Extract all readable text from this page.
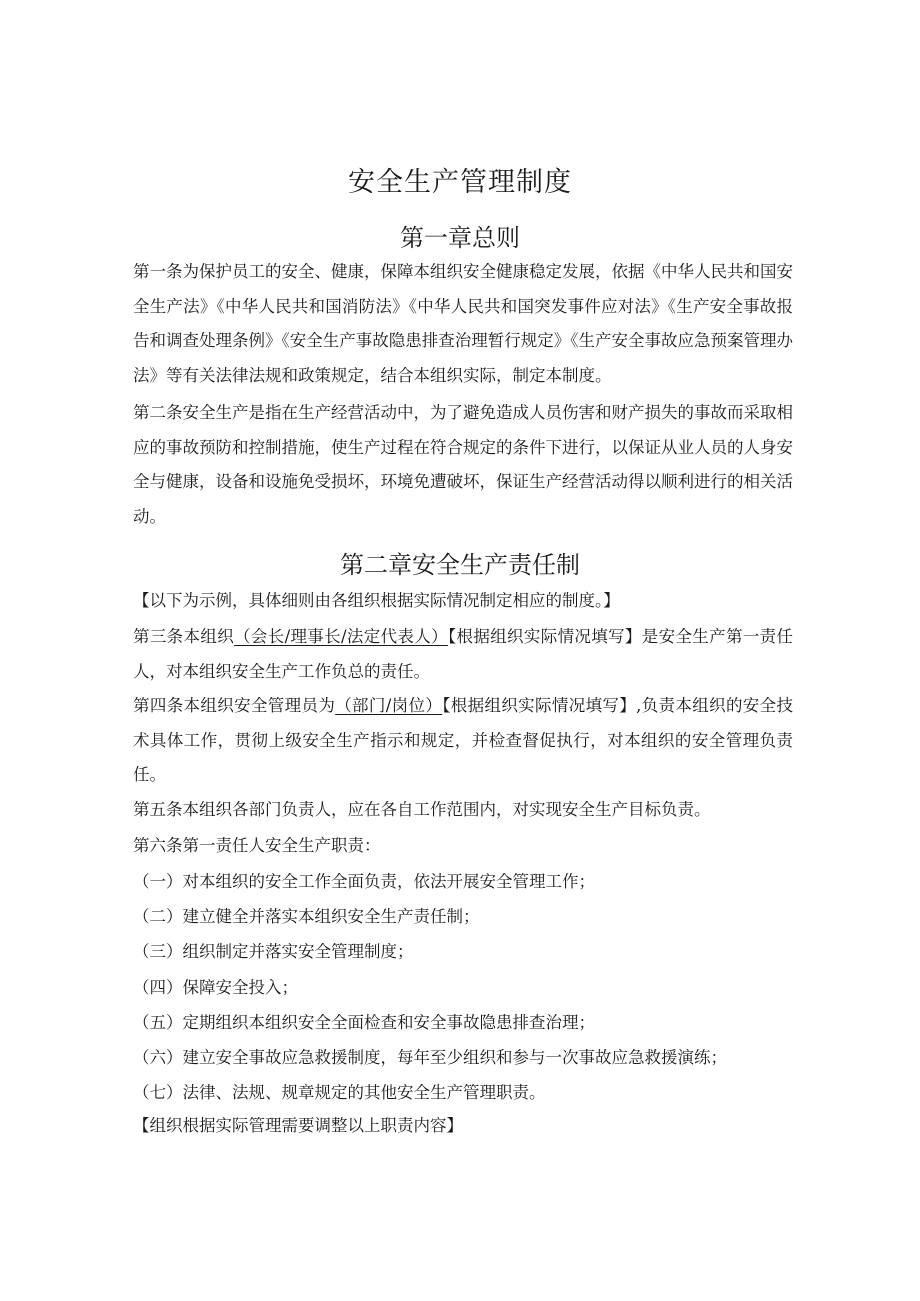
安全生产管理制度
第一章总则

第一条为保护员工的安全、健康，保障本组织安全健康稳定发展，依据《中华人民共和国安全生产法》《中华人民共和国消防法》《中华人民共和国突发事件应对法》《生产安全事故报告和调查处理条例》《安全生产事故隐患排查治理暂行规定》《生产安全事故应急预案管理办法》等有关法律法规和政策规定，结合本组织实际，制定本制度。

第二条安全生产是指在生产经营活动中，为了避免造成人员伤害和财产损失的事故而采取相应的事故预防和控制措施，使生产过程在符合规定的条件下进行，以保证从业人员的人身安全与健康，设备和设施免受损坏，环境免遭破坏，保证生产经营活动得以顺利进行的相关活动。

第二章安全生产责任制

【以下为示例，具体细则由各组织根据实际情况制定相应的制度。】

第三条本组织（会长/理事长/法定代表人）【根据组织实际情况填写】是安全生产第一责任人，对本组织安全生产工作负总的责任。

第四条本组织安全管理员为（部门/岗位）【根据组织实际情况填写】,负责本组织的安全技术具体工作，贯彻上级安全生产指示和规定，并检查督促执行，对本组织的安全管理负责任。

第五条本组织各部门负责人，应在各自工作范围内，对实现安全生产目标负责。

第六条第一责任人安全生产职责：

（一）对本组织的安全工作全面负责，依法开展安全管理工作；

（二）建立健全并落实本组织安全生产责任制；

（三）组织制定并落实安全管理制度；

（四）保障安全投入；

（五）定期组织本组织安全全面检查和安全事故隐患排查治理；

（六）建立安全事故应急救援制度，每年至少组织和参与一次事故应急救援演练；

（七）法律、法规、规章规定的其他安全生产管理职责。

【组织根据实际管理需要调整以上职责内容】
